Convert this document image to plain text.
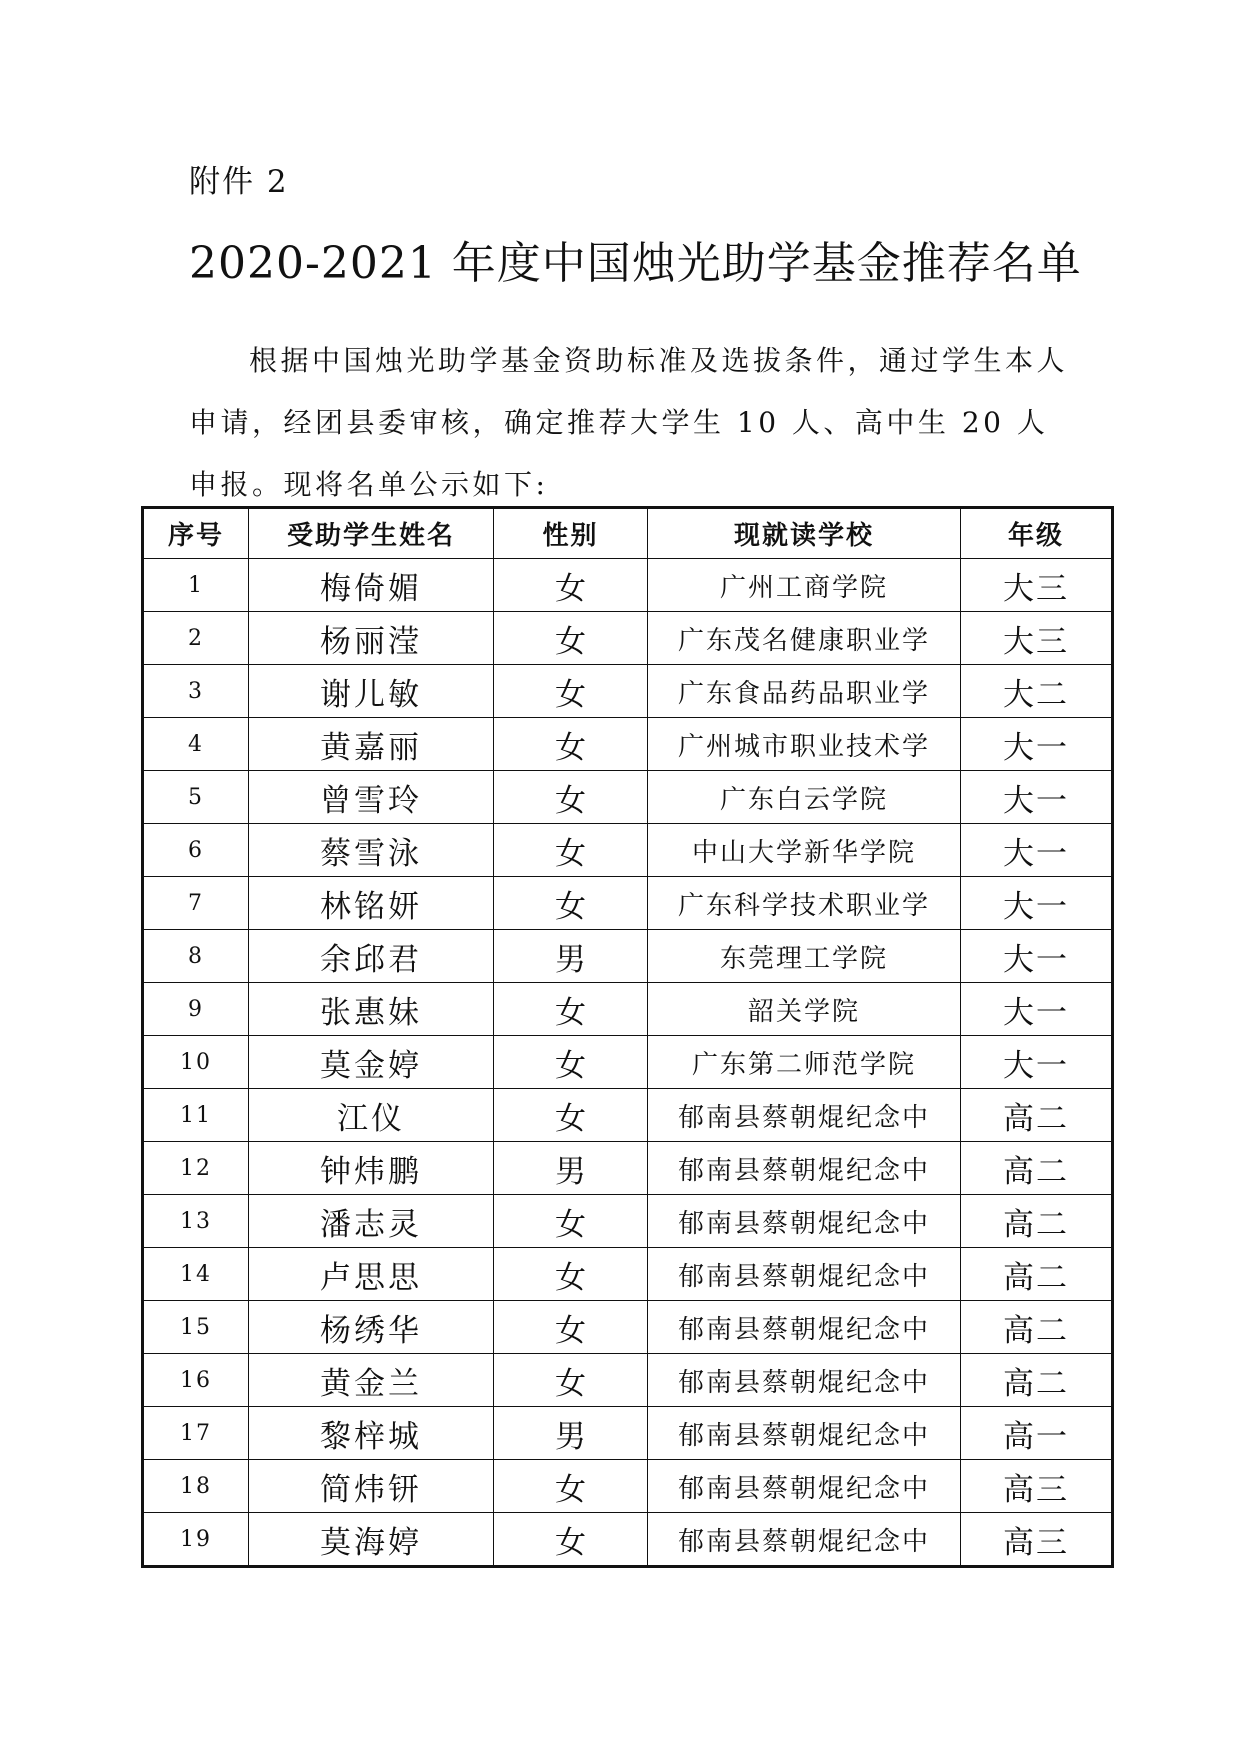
附件 2
2020-2021 年度中国烛光助学基金推荐名单
根据中国烛光助学基金资助标准及选拔条件，通过学生本人申请，经团县委审核，确定推荐大学生 10 人、高中生 20 人申报。现将名单公示如下:
序号	受助学生姓名	性别	现就读学校	年级
1	梅倚媚	女	广州工商学院	大三
2	杨丽滢	女	广东茂名健康职业学	大三
3	谢儿敏	女	广东食品药品职业学	大二
4	黄嘉丽	女	广州城市职业技术学	大一
5	曾雪玲	女	广东白云学院	大一
6	蔡雪泳	女	中山大学新华学院	大一
7	林铭妍	女	广东科学技术职业学	大一
8	余邱君	男	东莞理工学院	大一
9	张惠妹	女	韶关学院	大一
10	莫金婷	女	广东第二师范学院	大一
11	江仪	女	郁南县蔡朝焜纪念中	高二
12	钟炜鹏	男	郁南县蔡朝焜纪念中	高二
13	潘志灵	女	郁南县蔡朝焜纪念中	高二
14	卢思思	女	郁南县蔡朝焜纪念中	高二
15	杨绣华	女	郁南县蔡朝焜纪念中	高二
16	黄金兰	女	郁南县蔡朝焜纪念中	高二
17	黎梓城	男	郁南县蔡朝焜纪念中	高一
18	简炜钘	女	郁南县蔡朝焜纪念中	高三
19	莫海婷	女	郁南县蔡朝焜纪念中	高三
